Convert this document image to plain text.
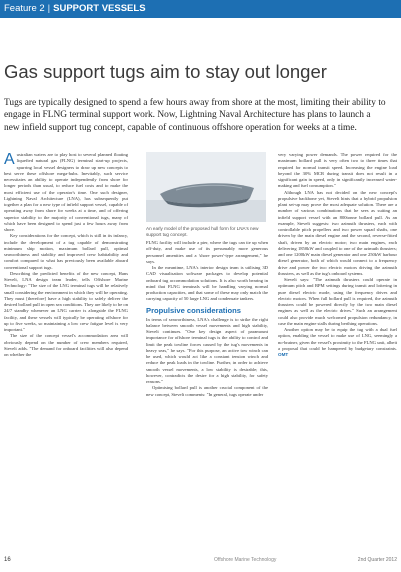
Feature 2 | SUPPORT VESSELS
Gas support tugs aim to stay out longer

Tugs are typically designed to spend a few hours away from shore at the most, limiting their ability to engage in FLNG terminal support work. Now, Lightning Naval Architecture has plans to launch a new infield support tug concept, capable of continuous offshore operation for weeks at a time.

Australian waters are to play host to several planned floating liquefied natural gas (FLNG) terminal start-up projects, spurring local vessel designers to draw up new concepts to best serve these offshore mega-hubs. Inevitably, such service necessitates an ability to operate independently from shore for longer periods than usual, to reduce fuel costs and to make the most efficient use of the operator's time. One such designer, Lightning Naval Architecture (LNA), has subsequently put together a plan for a new type of infield support vessel, capable of operating away from shore for weeks at a time, and of offering superior stability to the majority of conventional tugs, many of which have been designed to spend just a few hours away from shore.

Key considerations for the concept, which is still in its infancy, include the development of a tug capable of demonstrating minimum ship motion, maximum bollard pull, optimal seaworthiness and stability and improved crew habitability and comfort compared to what has previously been available aboard conventional support tugs.

Describing the predicted benefits of the new concept, Hans Stevelt, LNA design team leader, tells Offshore Marine Technology: "The size of the LNG terminal tugs will be relatively small considering the environment in which they will be operating. They must [therefore] have a high stability to safely deliver the desired bollard pull in open sea conditions. They are likely to be on 24/7 standby whenever an LNG carrier is alongside the FLNG facility, and these vessels will typically be operating offshore for up to five weeks, so maintaining a low crew fatigue level is very important."

The size of the concept vessel's accommodation area will obviously depend on the number of crew members required, Stevelt adds. "The demand for onboard facilities will also depend on whether the

An early model of the proposed hull form for LNA's new support tug concept.

FLNG facility will include a pier, where the tugs can tie up when off-duty, and make use of its presumably more generous personnel amenities and a 'shore power'-type arrangement," he says.

In the meantime, LNA's interior design team is utilising 3D CAD visualisation software packages to develop potential onboard tug accommodation solutions. It is also worth bearing in mind that FLNG terminals will be handling varying normal production capacities, and that some of these may only match the carrying capacity of 50 large LNG and condensate tankers.

Propulsive considerations

In terms of seaworthiness, LNA's challenge is to strike the right balance between smooth vessel movements and high stability, Stevelt continues. "One key design aspect of paramount importance for offshore terminal tugs is the ability to control and limit the peak towline forces caused by the tug's movements in heavy seas," he says. "For this purpose, an active tow winch can be used, which would act like a constant tension winch and reduce the peak loads in the towline. Further, in order to achieve smooth vessel movements, a low stability is desirable; this, however, contradicts the desire for a high stability, for safety reasons."

Optimising bollard pull is another crucial component of the new concept, Stevelt comments: "In general, tugs operate under

very varying power demands. The power required for the maximum bollard pull is very often two to three times that required for normal transit speed. Increasing the engine load beyond the 30% MCR during transit does not result in a significant gain in speed, only in significantly increased water-making and fuel consumption."

Although LNA has not decided on the new concept's propulsive backbone yet, Stevelt hints that a hybrid propulsion plant set-up may prove the most adequate solution. There are a number of various combinations that he sees as suiting an infield support vessel with an 800tonne bollard pull. As an example, Stevelt suggests: two azimuth thrusters, each with controllable pitch propellers and two power squad shafts, one driven by the main diesel engine and the second, reverse-fitted shaft, driven by an electric motor; two main engines, each delivering 1850kW and coupled to one of the azimuth thrusters; and one 1200kW main diesel generator and one 250kW harbour diesel generator, both of which would connect to a frequency drive and power the two electric motors driving the azimuth thrusters, as well as the tug's onboard systems.

Stevelt says: "The azimuth thrusters could operate in optimum pitch and RPM settings during transit and loitering in pure diesel electric mode, using the frequency drives and electric motors. When full bollard pull is required, the azimuth thrusters could be powered directly by the two main diesel engines as well as the electric drives." Such an arrangement could also provide much welcomed propulsion redundancy, in case the main engine stalls during berthing operations.

Another option may be to equip the tug with a dual fuel option, enabling the vessel to make use of LNG, seemingly a no-brainer, given the vessel's proximity to the FLNG unit, albeit a proposal that could be hampered by budgetary constraints. OMT

16	Offshore Marine Technology	2nd Quarter 2012
